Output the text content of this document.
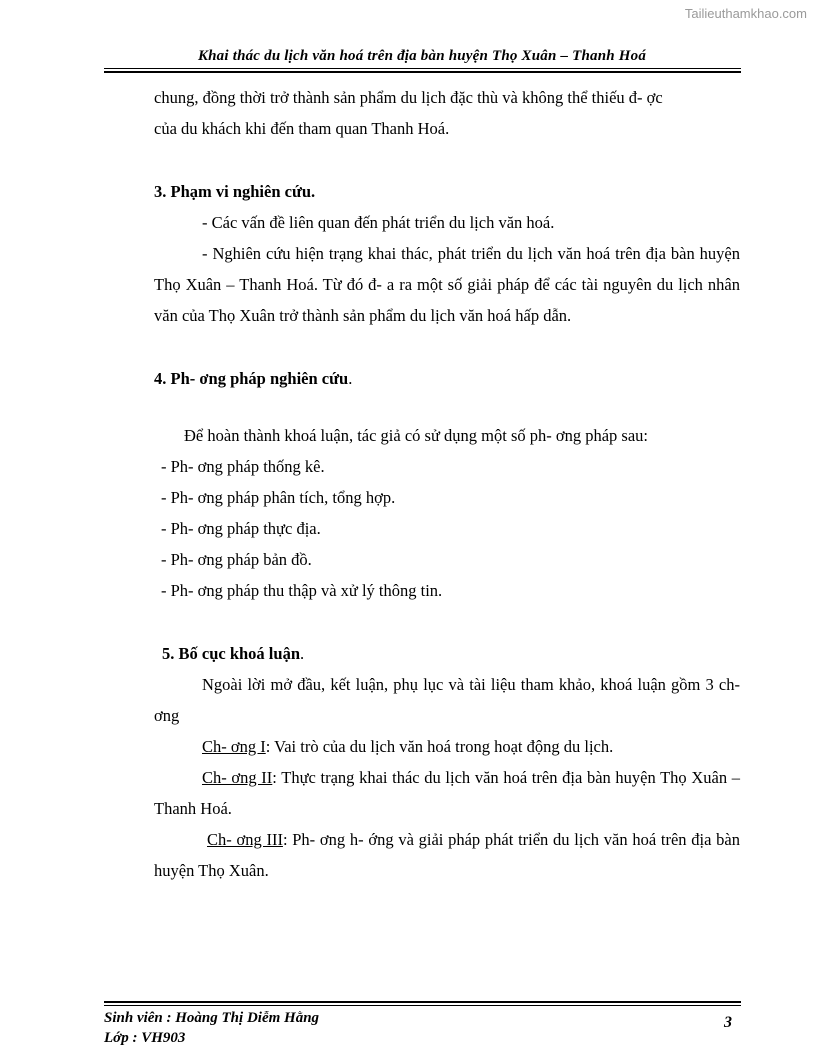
Tailieuthamkhao.com
Khai thác du lịch văn hoá trên địa bàn huyện Thọ Xuân – Thanh Hoá

chung, đồng thời trở thành sản phẩm du lịch đặc thù và không thể thiếu đ- ợc

của du khách khi đến tham quan Thanh Hoá.

3. Phạm vi nghiên cứu.

- Các vấn đề liên quan đến phát triển du lịch văn hoá.

- Nghiên cứu hiện trạng khai thác, phát triển du lịch văn hoá trên địa bàn huyện Thọ Xuân – Thanh Hoá. Từ đó đ- a ra một số giải pháp để các tài nguyên du lịch nhân văn của Thọ Xuân trở thành sản phẩm du lịch văn hoá hấp dẫn.

4. Ph- ơng pháp nghiên cứu.

Để hoàn thành khoá luận, tác giả có sử dụng một số ph- ơng pháp sau:

- Ph- ơng pháp thống kê.

- Ph- ơng pháp phân tích, tổng hợp.

- Ph- ơng pháp thực địa.

- Ph- ơng pháp bản đồ.

- Ph- ơng pháp thu thập và xử lý thông tin.

5. Bố cục khoá luận.

Ngoài lời mở đầu, kết luận, phụ lục và tài liệu tham khảo, khoá luận gồm 3 ch- ơng

Ch- ơng I: Vai trò của du lịch văn hoá trong hoạt động du lịch.

Ch- ơng II: Thực trạng khai thác du lịch văn hoá trên địa bàn huyện Thọ Xuân – Thanh Hoá.

Ch- ơng III: Ph- ơng h- ớng và giải pháp phát triển du lịch văn hoá trên địa bàn huyện Thọ Xuân.

Sinh viên : Hoàng Thị Diễm Hằng
Lớp : VH903
3
